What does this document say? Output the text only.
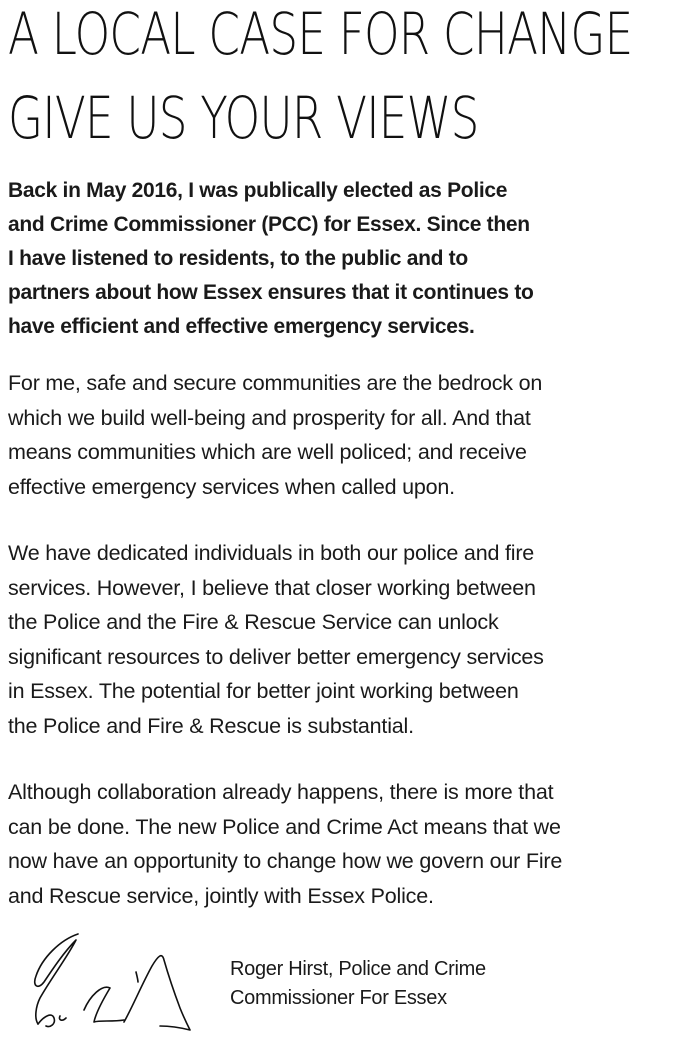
A LOCAL CASE FOR CHANGE
GIVE US YOUR VIEWS
Back in May 2016, I was publically elected as Police
and Crime Commissioner (PCC) for Essex. Since then
I have listened to residents, to the public and to
partners about how Essex ensures that it continues to
have efficient and effective emergency services.
For me, safe and secure communities are the bedrock on
which we build well-being and prosperity for all. And that
means communities which are well policed; and receive
effective emergency services when called upon.
We have dedicated individuals in both our police and fire
services. However, I believe that closer working between
the Police and the Fire & Rescue Service can unlock
significant resources to deliver better emergency services
in Essex. The potential for better joint working between
the Police and Fire & Rescue is substantial.
Although collaboration already happens, there is more that
can be done. The new Police and Crime Act means that we
now have an opportunity to change how we govern our Fire
and Rescue service, jointly with Essex Police.
Roger Hirst, Police and Crime
Commissioner For Essex
